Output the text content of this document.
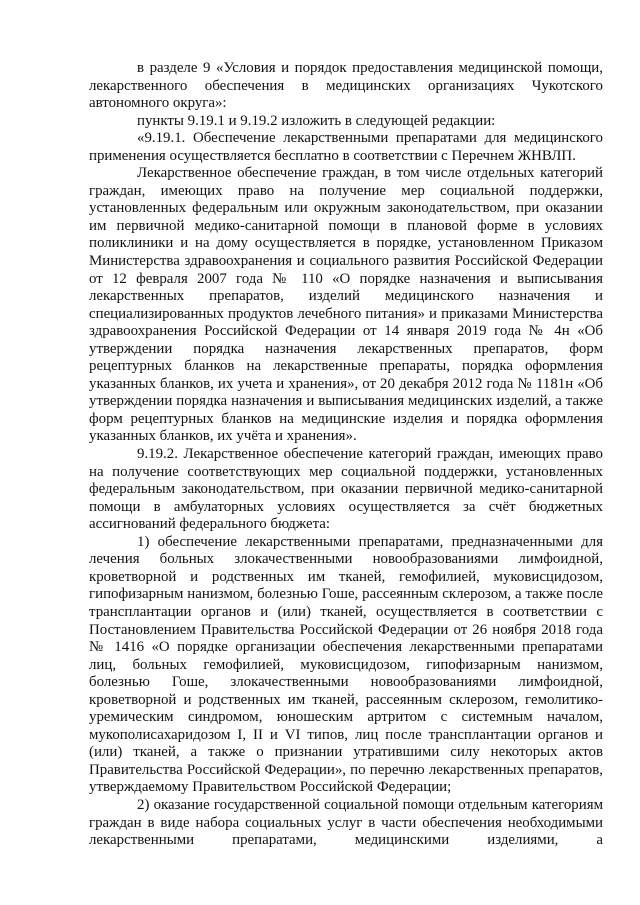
в разделе 9 «Условия и порядок предоставления медицинской помощи, лекарственного обеспечения в медицинских организациях Чукотского автономного округа»:

пункты 9.19.1 и 9.19.2 изложить в следующей редакции:

«9.19.1. Обеспечение лекарственными препаратами для медицинского применения осуществляется бесплатно в соответствии с Перечнем ЖНВЛП.

Лекарственное обеспечение граждан, в том числе отдельных категорий граждан, имеющих право на получение мер социальной поддержки, установленных федеральным или окружным законодательством, при оказании им первичной медико-санитарной помощи в плановой форме в условиях поликлиники и на дому осуществляется в порядке, установленном Приказом Министерства здравоохранения и социального развития Российской Федерации от 12 февраля 2007 года № 110 «О порядке назначения и выписывания лекарственных препаратов, изделий медицинского назначения и специализированных продуктов лечебного питания» и приказами Министерства здравоохранения Российской Федерации от 14 января 2019 года № 4н «Об утверждении порядка назначения лекарственных препаратов, форм рецептурных бланков на лекарственные препараты, порядка оформления указанных бланков, их учета и хранения», от 20 декабря 2012 года № 1181н «Об утверждении порядка назначения и выписывания медицинских изделий, а также форм рецептурных бланков на медицинские изделия и порядка оформления указанных бланков, их учёта и хранения».

9.19.2. Лекарственное обеспечение категорий граждан, имеющих право на получение соответствующих мер социальной поддержки, установленных федеральным законодательством, при оказании первичной медико-санитарной помощи в амбулаторных условиях осуществляется за счёт бюджетных ассигнований федерального бюджета:

1) обеспечение лекарственными препаратами, предназначенными для лечения больных злокачественными новообразованиями лимфоидной, кроветворной и родственных им тканей, гемофилией, муковисцидозом, гипофизарным нанизмом, болезнью Гоше, рассеянным склерозом, а также после трансплантации органов и (или) тканей, осуществляется в соответствии с Постановлением Правительства Российской Федерации от 26 ноября 2018 года № 1416 «О порядке организации обеспечения лекарственными препаратами лиц, больных гемофилией, муковисцидозом, гипофизарным нанизмом, болезнью Гоше, злокачественными новообразованиями лимфоидной, кроветворной и родственных им тканей, рассеянным склерозом, гемолитико-уремическим синдромом, юношеским артритом с системным началом, мукополисахаридозом I, II и VI типов, лиц после трансплантации органов и (или) тканей, а также о признании утратившими силу некоторых актов Правительства Российской Федерации», по перечню лекарственных препаратов, утверждаемому Правительством Российской Федерации;

2) оказание государственной социальной помощи отдельным категориям граждан в виде набора социальных услуг в части обеспечения необходимыми лекарственными препаратами, медицинскими изделиями, а
